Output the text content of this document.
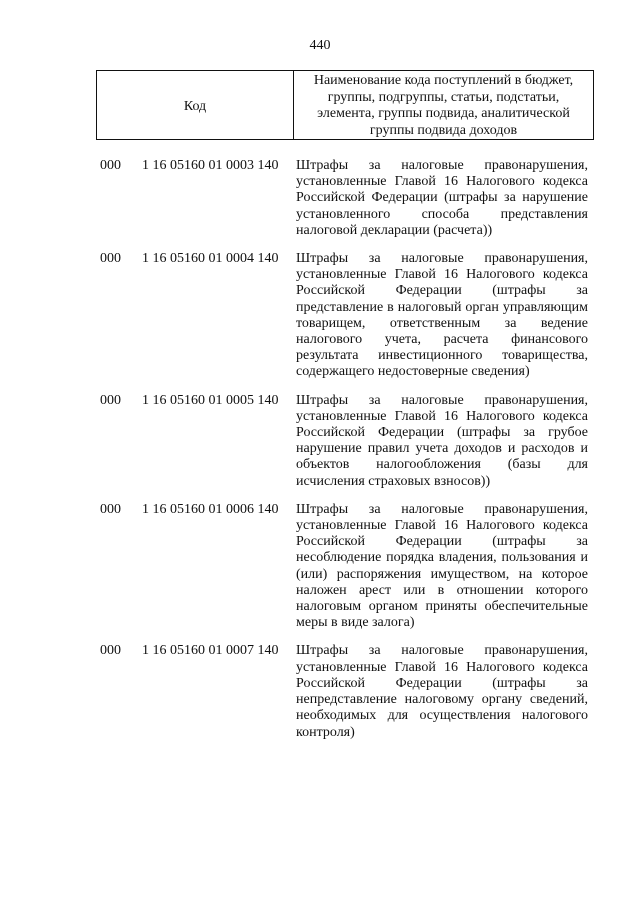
440
Код
Наименование кода поступлений в бюджет, группы, подгруппы, статьи, подстатьи, элемента, группы подвида, аналитической группы подвида доходов
000 1 16 05160 01 0003 140 Штрафы за налоговые правонарушения, установленные Главой 16 Налогового кодекса Российской Федерации (штрафы за нарушение установленного способа представления налоговой декларации (расчета))
000 1 16 05160 01 0004 140 Штрафы за налоговые правонарушения, установленные Главой 16 Налогового кодекса Российской Федерации (штрафы за представление в налоговый орган управляющим товарищем, ответственным за ведение налогового учета, расчета финансового результата инвестиционного товарищества, содержащего недостоверные сведения)
000 1 16 05160 01 0005 140 Штрафы за налоговые правонарушения, установленные Главой 16 Налогового кодекса Российской Федерации (штрафы за грубое нарушение правил учета доходов и расходов и объектов налогообложения (базы для исчисления страховых взносов))
000 1 16 05160 01 0006 140 Штрафы за налоговые правонарушения, установленные Главой 16 Налогового кодекса Российской Федерации (штрафы за несоблюдение порядка владения, пользования и (или) распоряжения имуществом, на которое наложен арест или в отношении которого налоговым органом приняты обеспечительные меры в виде залога)
000 1 16 05160 01 0007 140 Штрафы за налоговые правонарушения, установленные Главой 16 Налогового кодекса Российской Федерации (штрафы за непредставление налоговому органу сведений, необходимых для осуществления налогового контроля)
